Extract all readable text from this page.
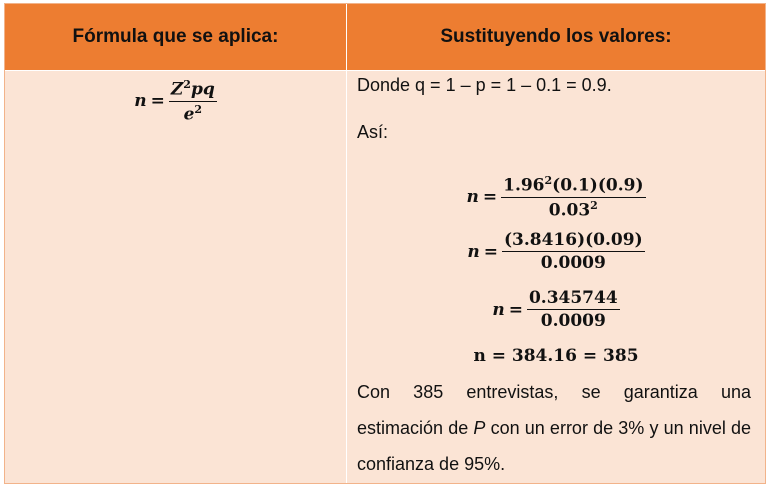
Fórmula que se aplica:	Sustituyendo los valores:
$n = \frac{Z^2pq}{e^2}$	Donde q = 1 – p = 1 – 0.1 = 0.9.
Así:
$n = \frac{1.96^2(0.1)(0.9)}{0.03^2}$
$n = \frac{(3.8416)(0.09)}{0.0009}$
$n = \frac{0.345744}{0.0009}$
n = 384.16 = 385
Con 385 entrevistas, se garantiza una estimación de P con un error de 3% y un nivel de confianza de 95%.
